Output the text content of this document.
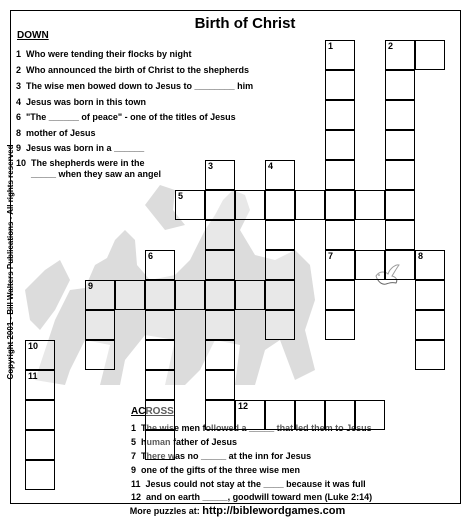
Birth of Christ
DOWN
1 Who were tending their flocks by night
2 Who announced the birth of Christ to the shepherds
3 The wise men bowed down to Jesus to ________ him
4 Jesus was born in this town
6 "The ______ of peace" - one of the titles of Jesus
8 mother of Jesus
9 Jesus was born in a ______
10 The shepherds were in the _____ when they saw an angel
ACROSS
1 The wise men followed a _____ that led them to Jesus
5 human father of Jesus
7 There was no _____ at the inn for Jesus
9 one of the gifts of the three wise men
11 Jesus could not stay at the ____ because it was full
12 and on earth _____, goodwill toward men (Luke 2:14)
Copyright 2001 - Bill Walters Publications - All rights reserved
More puzzles at: http://biblewordgames.com
1	2
3	4
5
6	7	8
9
10
11
12
